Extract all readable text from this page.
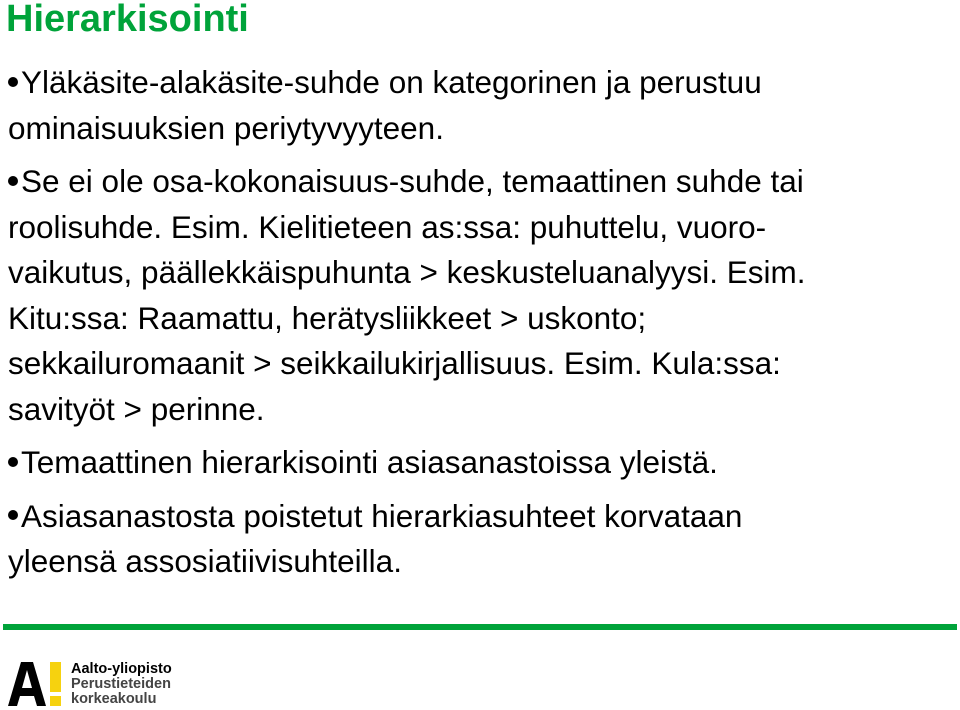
Hierarkisointi

Yläkäsite-alakäsite-suhde on kategorinen ja perustuu
ominaisuuksien periytyvyyteen.

Se ei ole osa-kokonaisuus-suhde, temaattinen suhde tai
roolisuhde. Esim. Kielitieteen as:ssa: puhuttelu, vuoro-
vaikutus, päällekkäispuhunta > keskusteluanalyysi. Esim.
Kitu:ssa: Raamattu, herätysliikkeet > uskonto;
sekkailuromaanit > seikkailukirjallisuus. Esim. Kula:ssa:
savityöt > perinne.

Temaattinen hierarkisointi asiasanastoissa yleistä.

Asiasanastosta poistetut hierarkiasuhteet korvataan
yleensä assosiatiivisuhteilla.

Aalto-yliopisto
Perustieteiden
korkeakoulu
